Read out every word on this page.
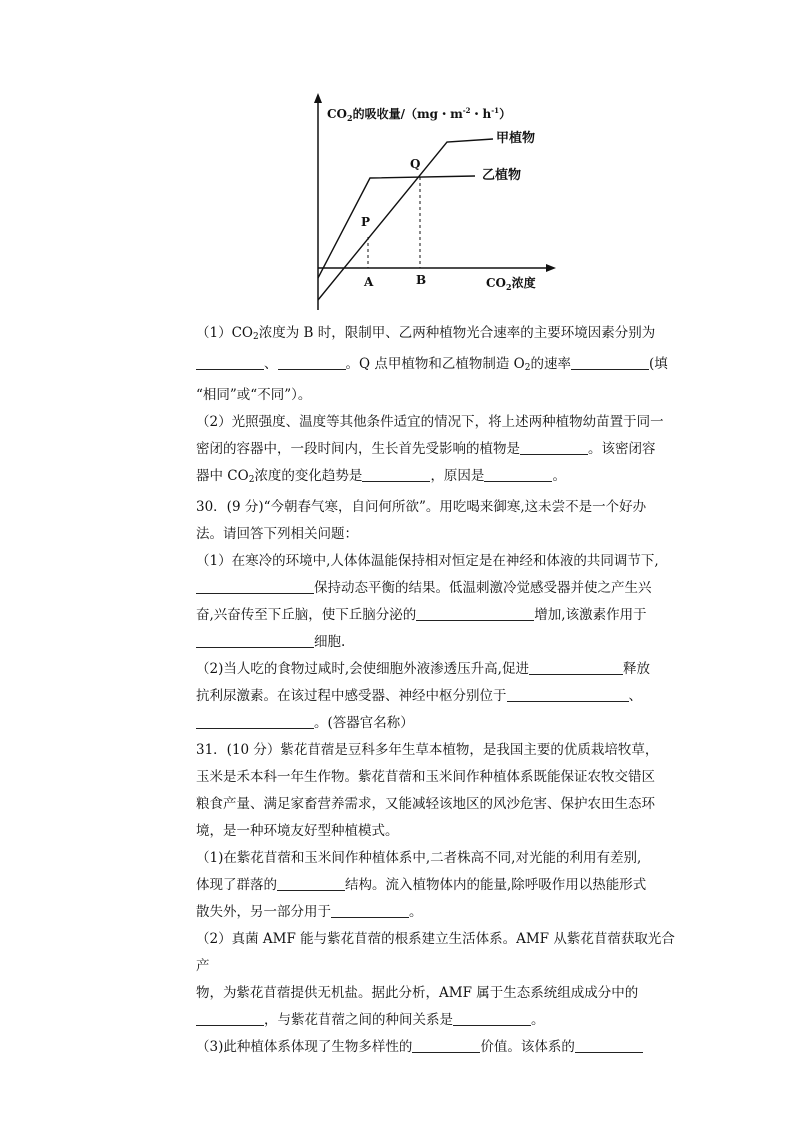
$CO_2$的吸收量/（mg・$m^{-2}$・$h^{-1}$）
甲植物
乙植物
P
Q
A	B	$CO_2$浓度

$(1)CO_2$浓度为 B 时，限制甲、乙两种植物光合速率的主要环境因素分别为

、	。Q 点甲植物和乙植物制造 $O_2$的速率	(填

“相同”或“不同”）。

（2）光照强度、温度等其他条件适宜的情况下，将上述两种植物幼苗置于同一

密闭的容器中，一段时间内，生长首先受影响的植物是	。该密闭容

器中 $CO_2$浓度的变化趋势是	，原因是	。

30．(9 分)“今朝春气寒，自问何所欲”。用吃喝来御寒,这未尝不是一个好办

法。请回答下列相关问题：

（1）在寒冷的环境中,人体体温能保持相对恒定是在神经和体液的共同调节下,

保持动态平衡的结果。低温刺激冷觉感受器并使之产生兴

奋,兴奋传至下丘脑，使下丘脑分泌的	增加,该激素作用于

细胞.

（2)当人吃的食物过咸时,会使细胞外液渗透压升高,促进	释放

抗利尿激素。在该过程中感受器、神经中枢分别位于	、

。(答器官名称）

31．(10 分）紫花苜蓿是豆科多年生草本植物，是我国主要的优质栽培牧草，

玉米是禾本科一年生作物。紫花苜蓿和玉米间作种植体系既能保证农牧交错区

粮食产量、满足家畜营养需求，又能减轻该地区的风沙危害、保护农田生态环

境，是一种环境友好型种植模式。

（1)在紫花苜蓿和玉米间作种植体系中,二者株高不同,对光能的利用有差别,

体现了群落的	结构。流入植物体内的能量,除呼吸作用以热能形式

散失外，另一部分用于	。

（2）真菌 AMF 能与紫花苜蓿的根系建立生活体系。AMF 从紫花苜蓿获取光合产

物，为紫花苜蓿提供无机盐。据此分析，AMF 属于生态系统组成成分中的

，与紫花苜蓿之间的种间关系是	。

（3)此种植体系体现了生物多样性的	价值。该体系的
